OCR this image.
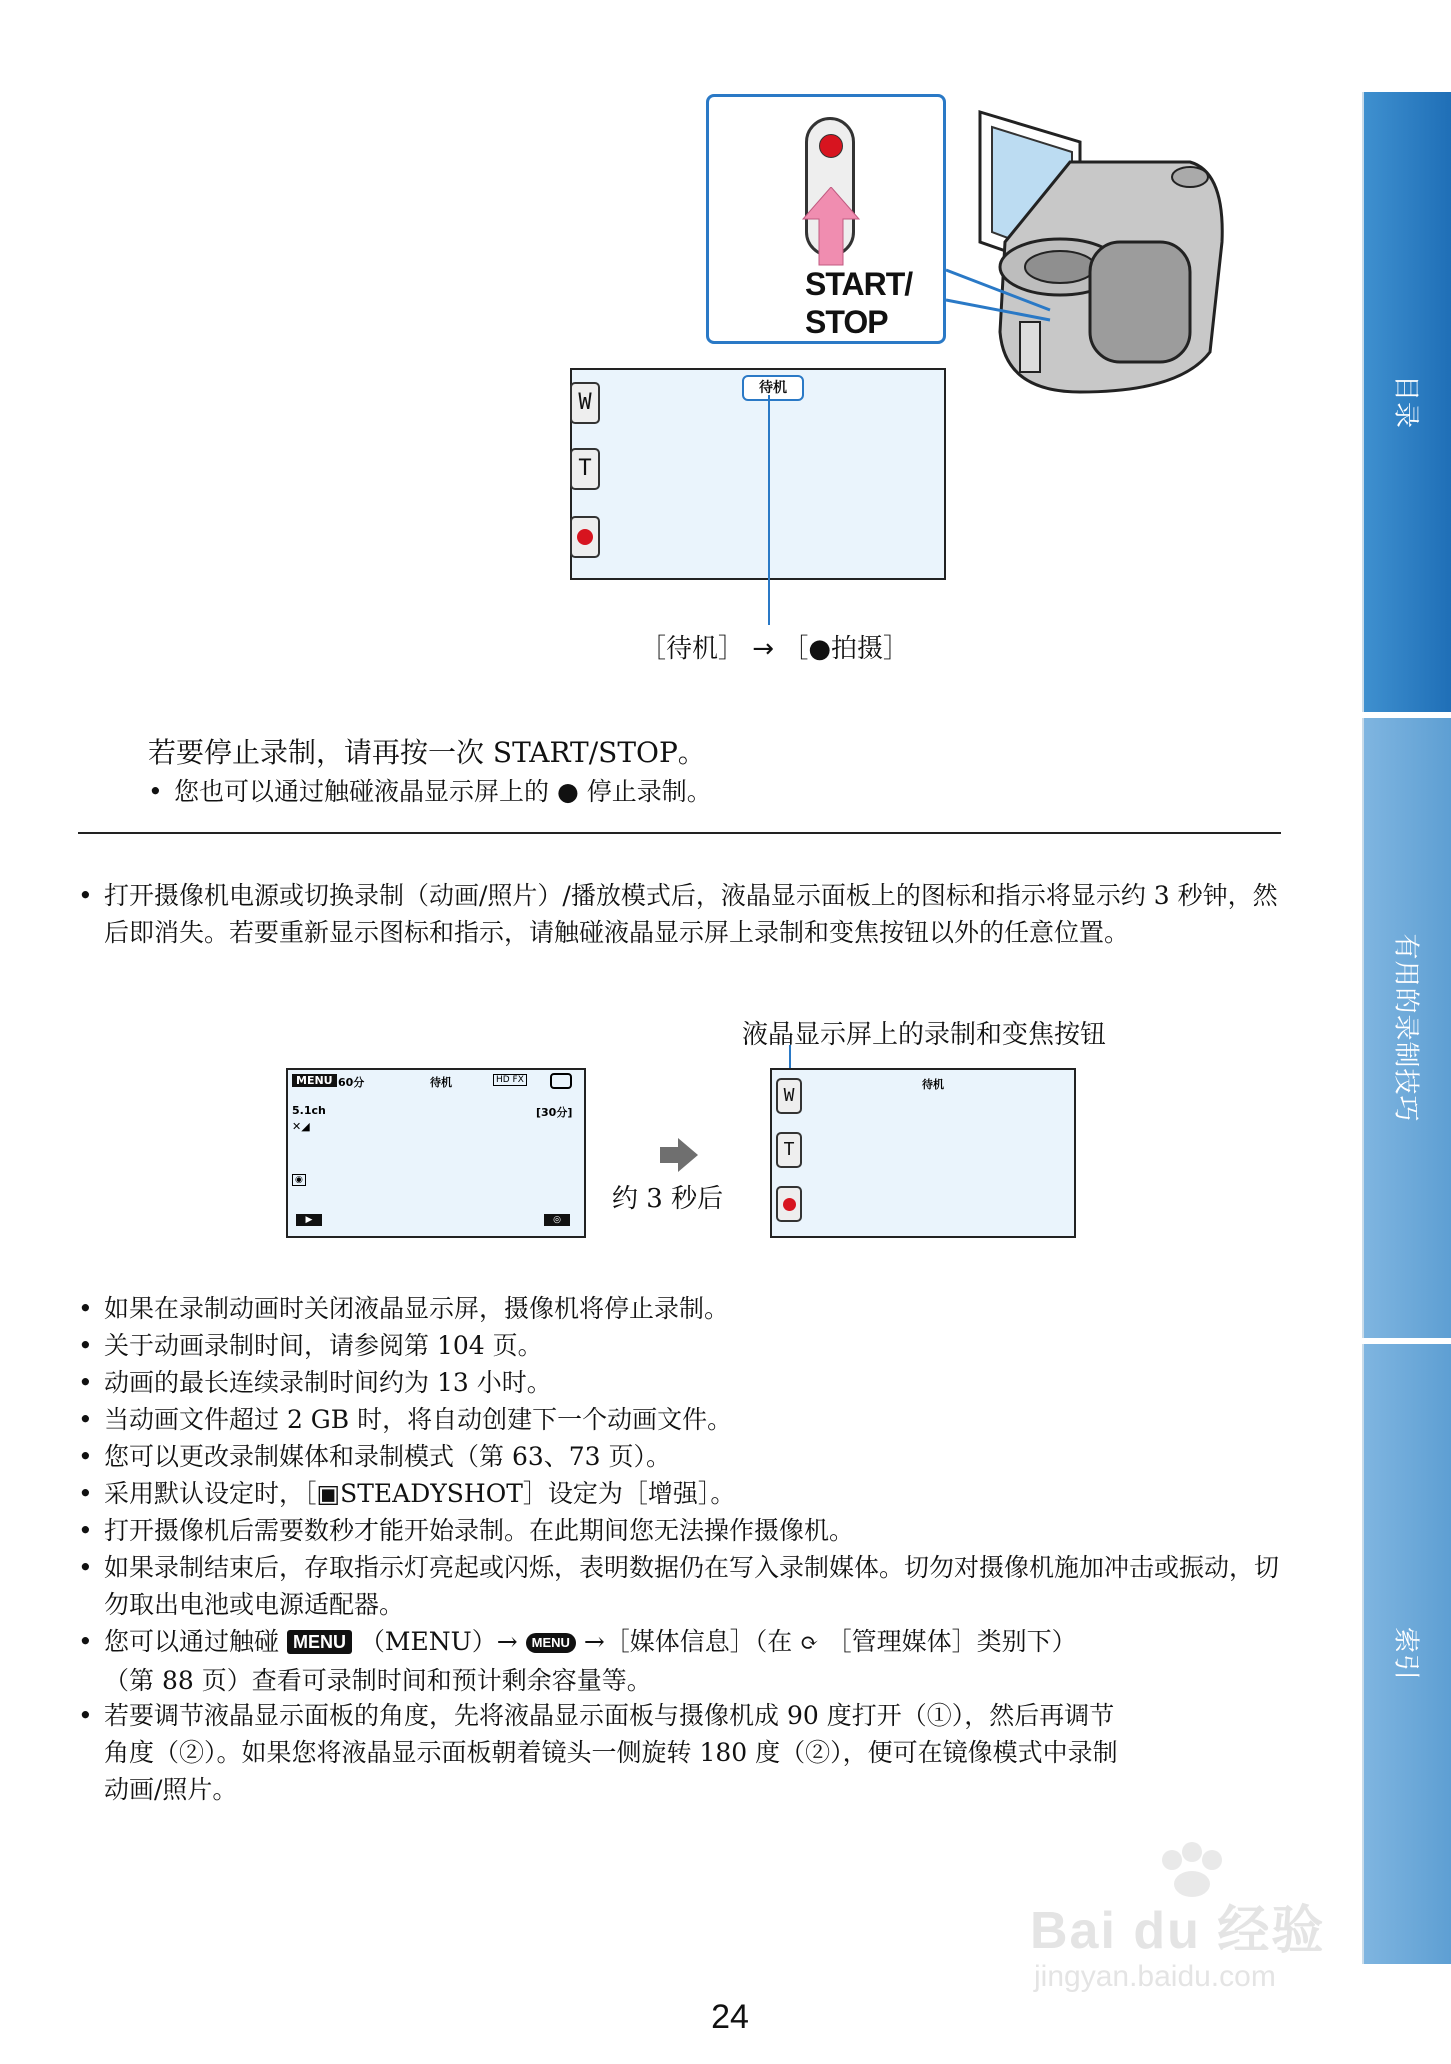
目录
有用的录制技巧
索引
START/
STOP
W
T
待机
［待机］ → ［●拍摄］
若要停止录制，请再按一次 START/STOP。
• 您也可以通过触碰液晶显示屏上的 ● 停止录制。
• 打开摄像机电源或切换录制（动画/照片）/播放模式后，液晶显示面板上的图标和指示将显示约 3 秒钟，然后即消失。若要重新显示图标和指示，请触碰液晶显示屏上录制和变焦按钮以外的任意位置。
液晶显示屏上的录制和变焦按钮
MENU 60分	待机	HD FX
5.1ch
✕◢
[30分]
◉
▶	◎
约 3 秒后
W
T
待机
• 如果在录制动画时关闭液晶显示屏，摄像机将停止录制。
• 关于动画录制时间，请参阅第 104 页。
• 动画的最长连续录制时间约为 13 小时。
• 当动画文件超过 2 GB 时，将自动创建下一个动画文件。
• 您可以更改录制媒体和录制模式（第 63、73 页）。
• 采用默认设定时，［▣STEADYSHOT］设定为［增强］。
• 打开摄像机后需要数秒才能开始录制。在此期间您无法操作摄像机。
• 如果录制结束后，存取指示灯亮起或闪烁，表明数据仍在写入录制媒体。切勿对摄像机施加冲击或振动，切勿取出电池或电源适配器。
• 您可以通过触碰 MENU （MENU）→ MENU →［媒体信息］（在 ⟳ ［管理媒体］类别下）
（第 88 页）查看可录制时间和预计剩余容量等。
• 若要调节液晶显示面板的角度，先将液晶显示面板与摄像机成 90 度打开（①），然后再调节
角度（②）。如果您将液晶显示面板朝着镜头一侧旋转 180 度（②），便可在镜像模式中录制
动画/照片。
Bai du 经验
jingyan.baidu.com
24
